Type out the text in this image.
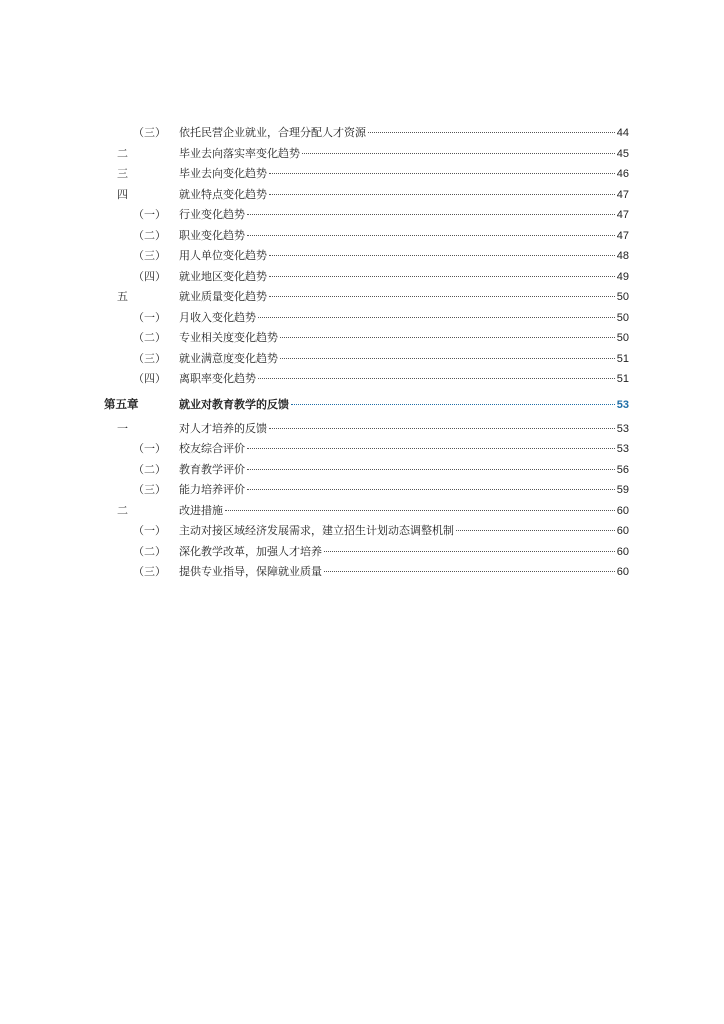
（三） 依托民营企业就业，合理分配人才资源	44
二	毕业去向落实率变化趋势	45
三	毕业去向变化趋势	46
四	就业特点变化趋势	47
（一） 行业变化趋势	47
（二） 职业变化趋势	47
（三） 用人单位变化趋势	48
（四） 就业地区变化趋势	49
五	就业质量变化趋势	50
（一） 月收入变化趋势	50
（二） 专业相关度变化趋势	50
（三） 就业满意度变化趋势	51
（四） 离职率变化趋势	51
第五章	就业对教育教学的反馈	53
一	对人才培养的反馈	53
（一） 校友综合评价	53
（二） 教育教学评价	56
（三） 能力培养评价	59
二	改进措施	60
（一） 主动对接区域经济发展需求，建立招生计划动态调整机制	60
（二） 深化教学改革，加强人才培养	60
（三） 提供专业指导，保障就业质量	60
